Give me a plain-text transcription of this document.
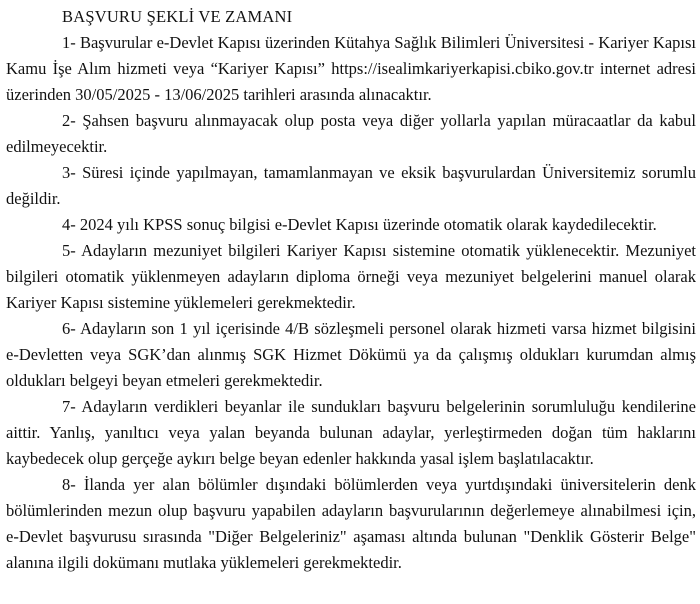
BAŞVURU ŞEKLİ VE ZAMANI

1- Başvurular e-Devlet Kapısı üzerinden Kütahya Sağlık Bilimleri Üniversitesi - Kariyer Kapısı Kamu İşe Alım hizmeti veya “Kariyer Kapısı” https://isealimkariyerkapisi.cbiko.gov.tr internet adresi üzerinden 30/05/2025 - 13/06/2025 tarihleri arasında alınacaktır.

2- Şahsen başvuru alınmayacak olup posta veya diğer yollarla yapılan müracaatlar da kabul edilmeyecektir.

3- Süresi içinde yapılmayan, tamamlanmayan ve eksik başvurulardan Üniversitemiz sorumlu değildir.

4- 2024 yılı KPSS sonuç bilgisi e-Devlet Kapısı üzerinde otomatik olarak kaydedilecektir.

5- Adayların mezuniyet bilgileri Kariyer Kapısı sistemine otomatik yüklenecektir. Mezuniyet bilgileri otomatik yüklenmeyen adayların diploma örneği veya mezuniyet belgelerini manuel olarak Kariyer Kapısı sistemine yüklemeleri gerekmektedir.

6- Adayların son 1 yıl içerisinde 4/B sözleşmeli personel olarak hizmeti varsa hizmet bilgisini e-Devletten veya SGK’dan alınmış SGK Hizmet Dökümü ya da çalışmış oldukları kurumdan almış oldukları belgeyi beyan etmeleri gerekmektedir.

7- Adayların verdikleri beyanlar ile sundukları başvuru belgelerinin sorumluluğu kendilerine aittir. Yanlış, yanıltıcı veya yalan beyanda bulunan adaylar, yerleştirmeden doğan tüm haklarını kaybedecek olup gerçeğe aykırı belge beyan edenler hakkında yasal işlem başlatılacaktır.

8- İlanda yer alan bölümler dışındaki bölümlerden veya yurtdışındaki üniversitelerin denk bölümlerinden mezun olup başvuru yapabilen adayların başvurularının değerlemeye alınabilmesi için, e-Devlet başvurusu sırasında "Diğer Belgeleriniz" aşaması altında bulunan "Denklik Gösterir Belge" alanına ilgili dokümanı mutlaka yüklemeleri gerekmektedir.
